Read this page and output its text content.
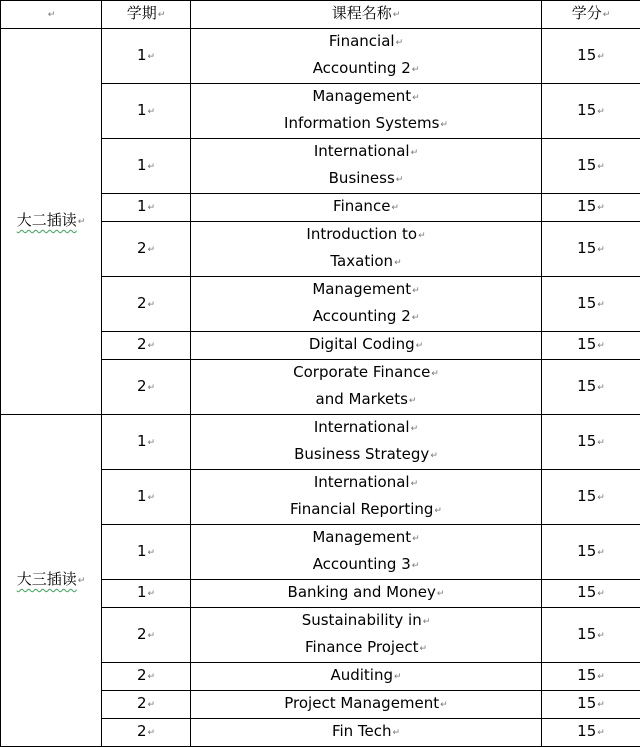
↵	学期↵	课程名称↵	学分↵
大二插读↵	1↵	Financial↵
Accounting 2↵	15↵
	1↵	Management↵
Information Systems↵	15↵
	1↵	International↵
Business↵	15↵
	1↵	Finance↵	15↵
	2↵	Introduction to↵
Taxation↵	15↵
	2↵	Management↵
Accounting 2↵	15↵
	2↵	Digital Coding↵	15↵
	2↵	Corporate Finance↵
and Markets↵	15↵
大三插读↵	1↵	International↵
Business Strategy↵	15↵
	1↵	International↵
Financial Reporting↵	15↵
	1↵	Management↵
Accounting 3↵	15↵
	1↵	Banking and Money↵	15↵
	2↵	Sustainability in↵
Finance Project↵	15↵
	2↵	Auditing↵	15↵
	2↵	Project Management↵	15↵
	2↵	Fin Tech↵	15↵
